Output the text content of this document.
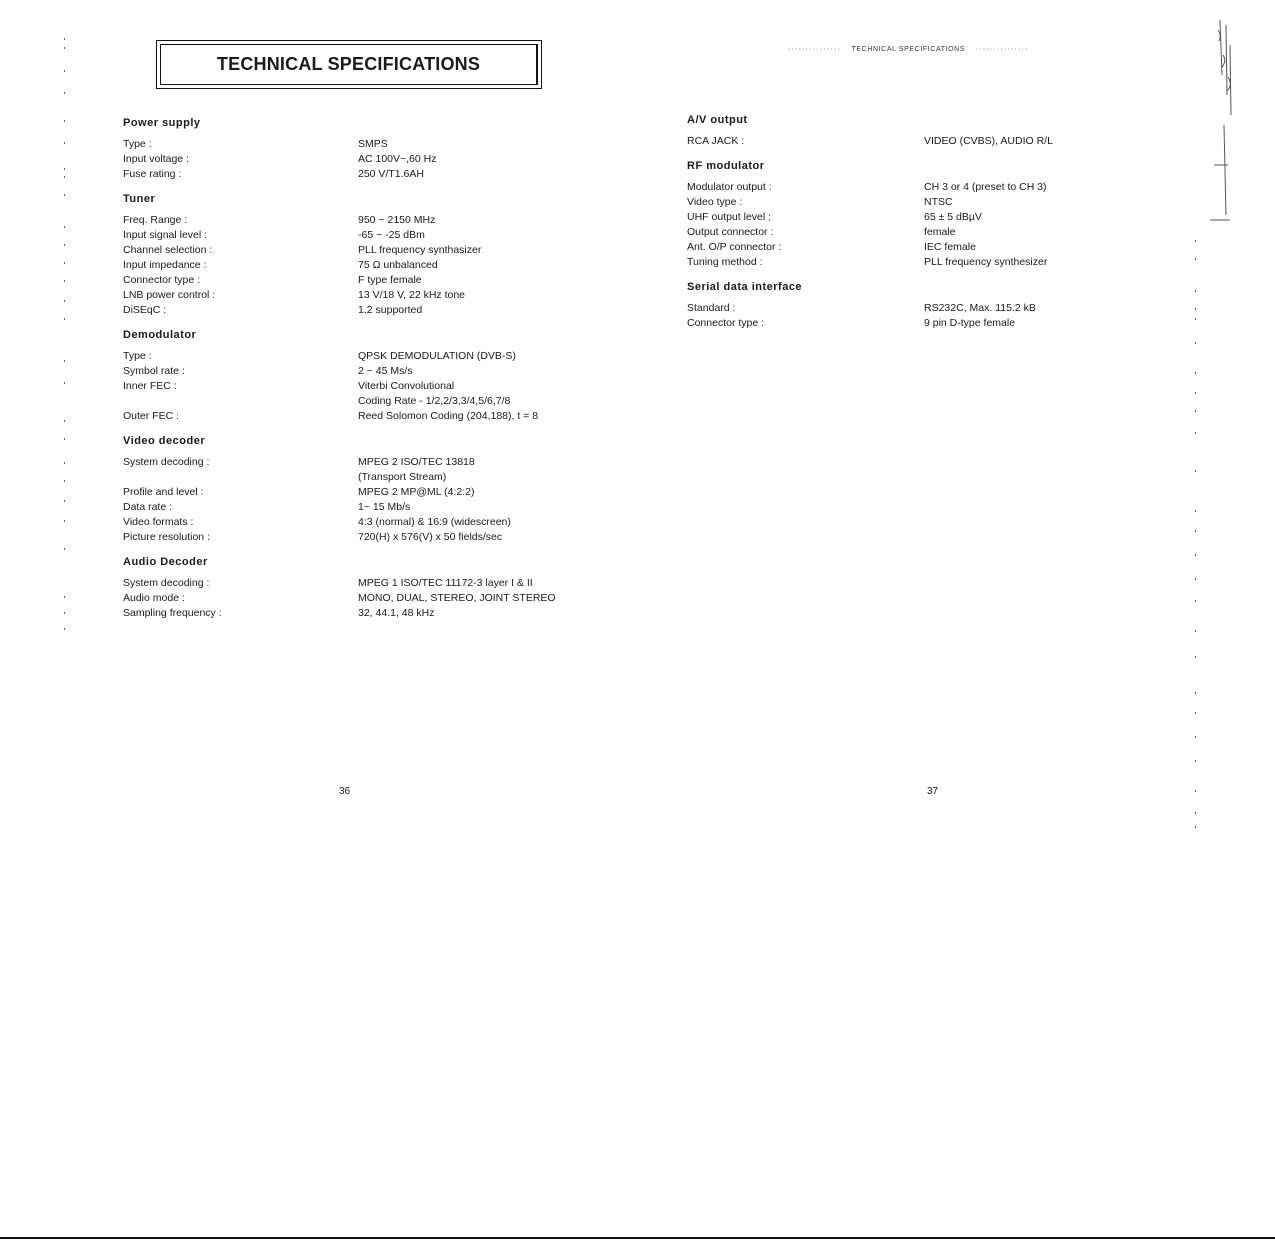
TECHNICAL SPECIFICATIONS
··············· TECHNICAL SPECIFICATIONS ···············
Power supply
Type :	SMPS
Input voltage :	AC 100V~,60 Hz
Fuse rating :	250 V/T1.6AH
Tuner
Freq. Range :	950 ~ 2150 MHz
Input signal level :	-65 ~ -25 dBm
Channel selection :	PLL frequency synthasizer
Input impedance :	75 Ω unbalanced
Connector type :	F type female
LNB power control :	13 V/18 V, 22 kHz tone
DiSEqC :	1.2 supported
Demodulator
Type :	QPSK DEMODULATION (DVB-S)
Symbol rate :	2 ~ 45 Ms/s
Inner FEC :	Viterbi Convolutional
Coding Rate - 1/2,2/3,3/4,5/6,7/8
Outer FEC :	Reed Solomon Coding (204,188), t = 8
Video decoder
System decoding :	MPEG 2 ISO/TEC 13818
(Transport Stream)
Profile and level :	MPEG 2 MP@ML (4:2:2)
Data rate :	1~ 15 Mb/s
Video formats :	4:3 (normal) & 16:9 (widescreen)
Picture resolution :	720(H) x 576(V) x 50 fields/sec
Audio Decoder
System decoding :	MPEG 1 ISO/TEC 11172-3 layer I & II
Audio mode :	MONO, DUAL, STEREO, JOINT STEREO
Sampling frequency :	32, 44.1, 48 kHz
A/V output
RCA JACK :	VIDEO (CVBS), AUDIO R/L
RF modulator
Modulator output :	CH 3 or 4 (preset to CH 3)
Video type :	NTSC
UHF output level :	65 ± 5 dBµV
Output connector :	female
Ant. O/P connector :	IEC female
Tuning method :	PLL frequency synthesizer
Serial data interface
Standard :	RS232C, Max. 115.2 kB
Connector type :	9 pin D-type female
36	37
